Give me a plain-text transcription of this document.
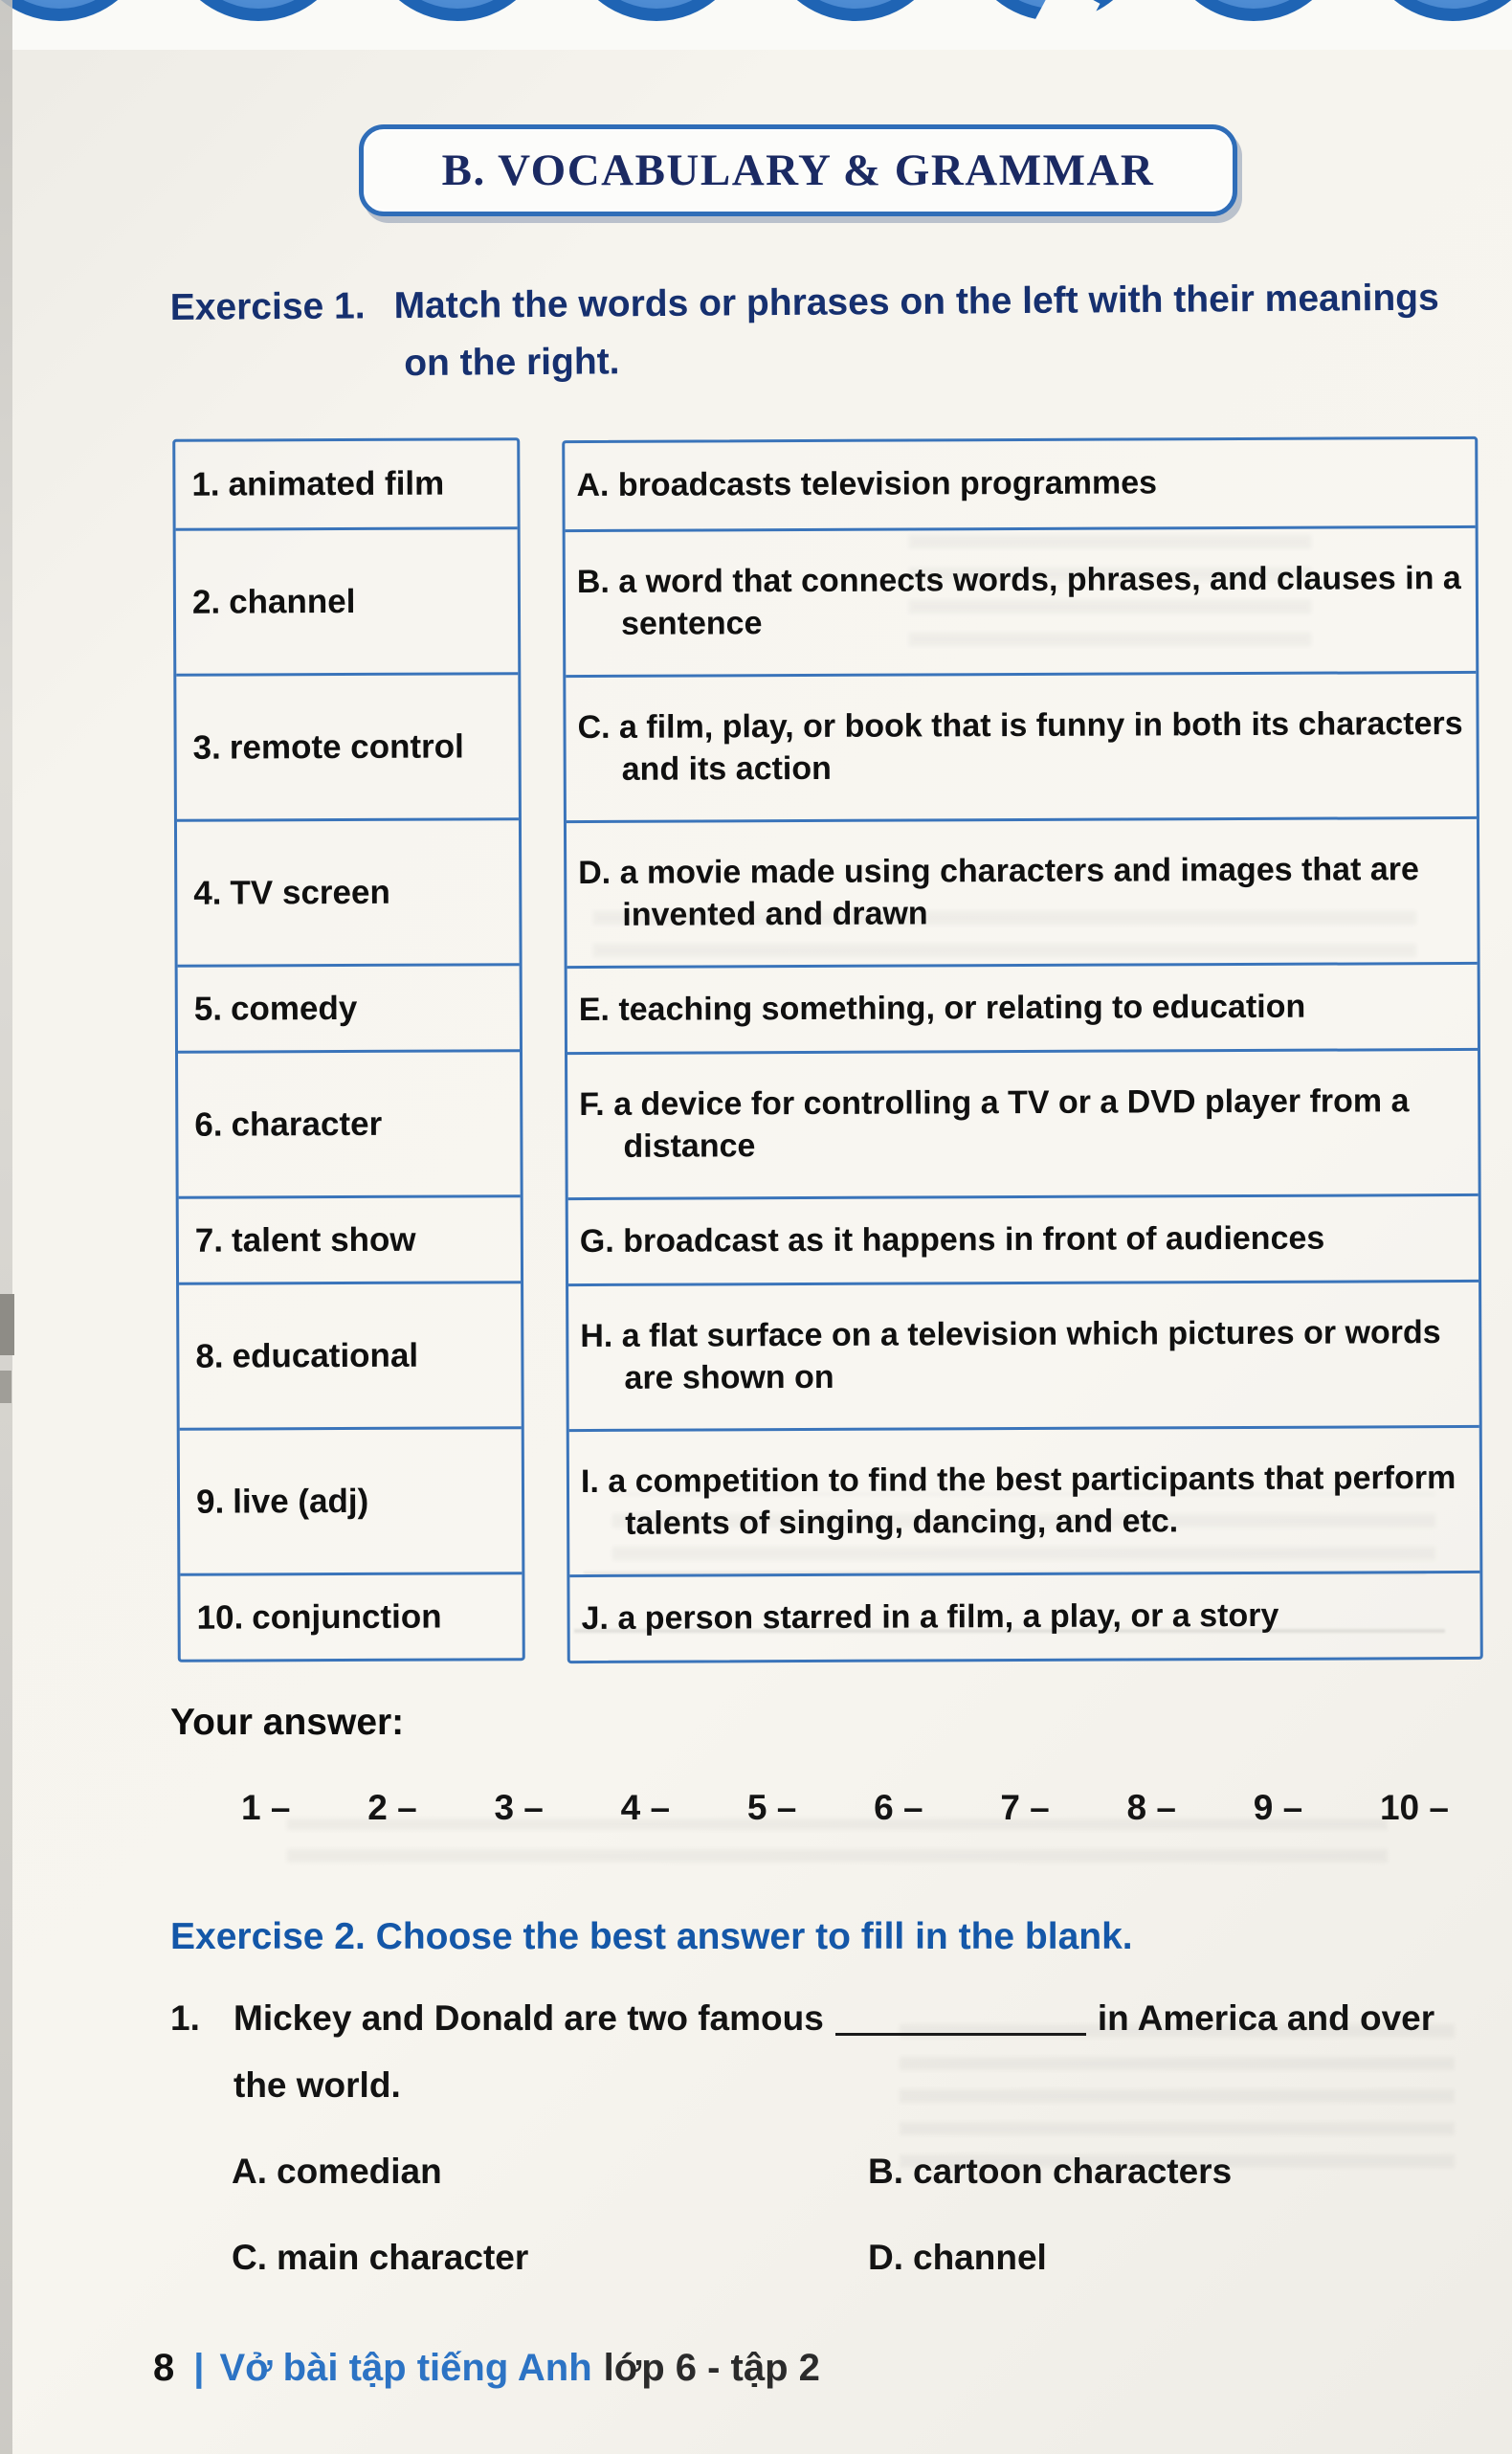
B. VOCABULARY & GRAMMAR
Exercise 1. Match the words or phrases on the left with their meanings
on the right.
1. animated film
2. channel
3. remote control
4. TV screen
5. comedy
6. character
7. talent show
8. educational
9. live (adj)
10. conjunction
A. broadcasts television programmes
B. a word that connects words, phrases, and clauses in a sentence
C. a film, play, or book that is funny in both its characters and its action
D. a movie made using characters and images that are invented and drawn
E. teaching something, or relating to education
F. a device for controlling a TV or a DVD player from a distance
G. broadcast as it happens in front of audiences
H. a flat surface on a television which pictures or words are shown on
I. a competition to find the best participants that perform talents of singing, dancing, and etc.
J. a person starred in a film, a play, or a story
Your answer:
1 – 2 – 3 – 4 – 5 – 6 – 7 – 8 – 9 – 10 –
Exercise 2. Choose the best answer to fill in the blank.
1. Mickey and Donald are two famous	in America and over
the world.
A. comedian	B. cartoon characters
C. main character	D. channel
8 | Vở bài tập tiếng Anh lớp 6 - tập 2
